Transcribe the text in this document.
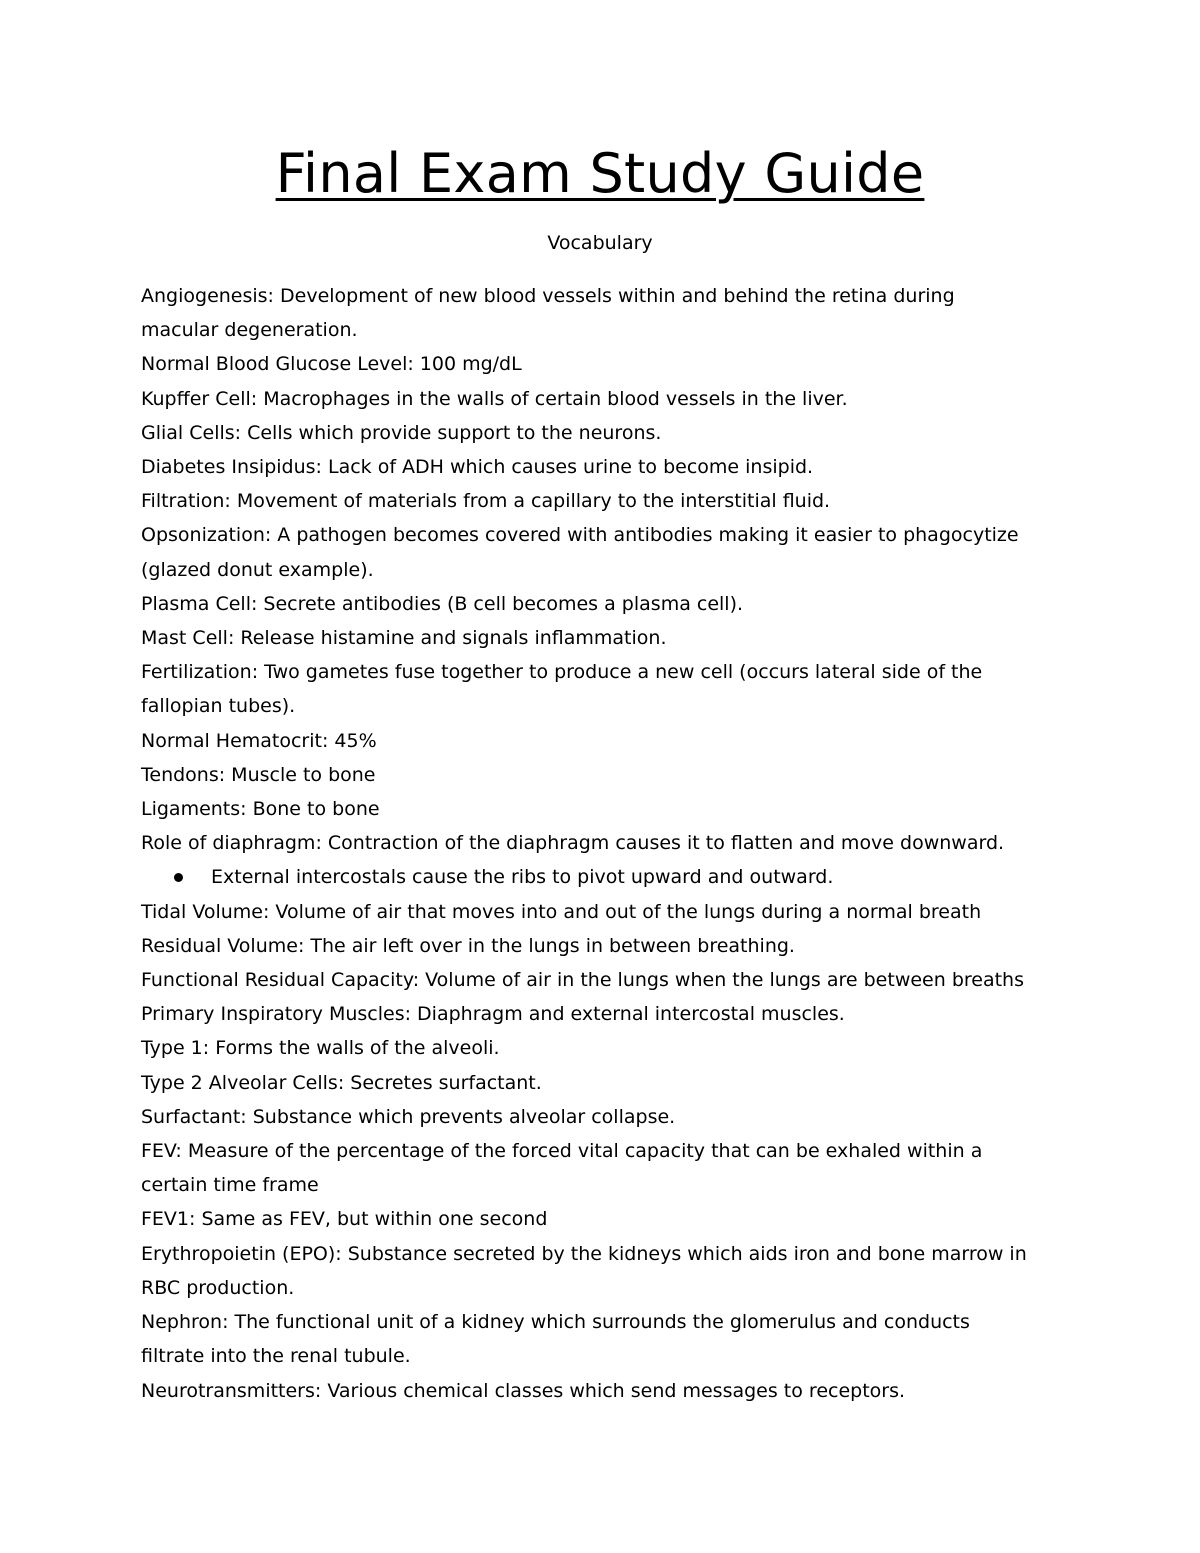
Final Exam Study Guide

Vocabulary

Angiogenesis: Development of new blood vessels within and behind the retina during

macular degeneration.

Normal Blood Glucose Level: 100 mg/dL

Kupffer Cell: Macrophages in the walls of certain blood vessels in the liver.

Glial Cells: Cells which provide support to the neurons.

Diabetes Insipidus: Lack of ADH which causes urine to become insipid.

Filtration: Movement of materials from a capillary to the interstitial fluid.

Opsonization: A pathogen becomes covered with antibodies making it easier to phagocytize

(glazed donut example).

Plasma Cell: Secrete antibodies (B cell becomes a plasma cell).

Mast Cell: Release histamine and signals inflammation.

Fertilization: Two gametes fuse together to produce a new cell (occurs lateral side of the

fallopian tubes).

Normal Hematocrit: 45%

Tendons: Muscle to bone

Ligaments: Bone to bone

Role of diaphragm: Contraction of the diaphragm causes it to flatten and move downward.

External intercostals cause the ribs to pivot upward and outward.

Tidal Volume: Volume of air that moves into and out of the lungs during a normal breath

Residual Volume: The air left over in the lungs in between breathing.

Functional Residual Capacity: Volume of air in the lungs when the lungs are between breaths

Primary Inspiratory Muscles: Diaphragm and external intercostal muscles.

Type 1: Forms the walls of the alveoli.

Type 2 Alveolar Cells: Secretes surfactant.

Surfactant: Substance which prevents alveolar collapse.

FEV: Measure of the percentage of the forced vital capacity that can be exhaled within a

certain time frame

FEV1: Same as FEV, but within one second

Erythropoietin (EPO): Substance secreted by the kidneys which aids iron and bone marrow in

RBC production.

Nephron: The functional unit of a kidney which surrounds the glomerulus and conducts

filtrate into the renal tubule.

Neurotransmitters: Various chemical classes which send messages to receptors.
